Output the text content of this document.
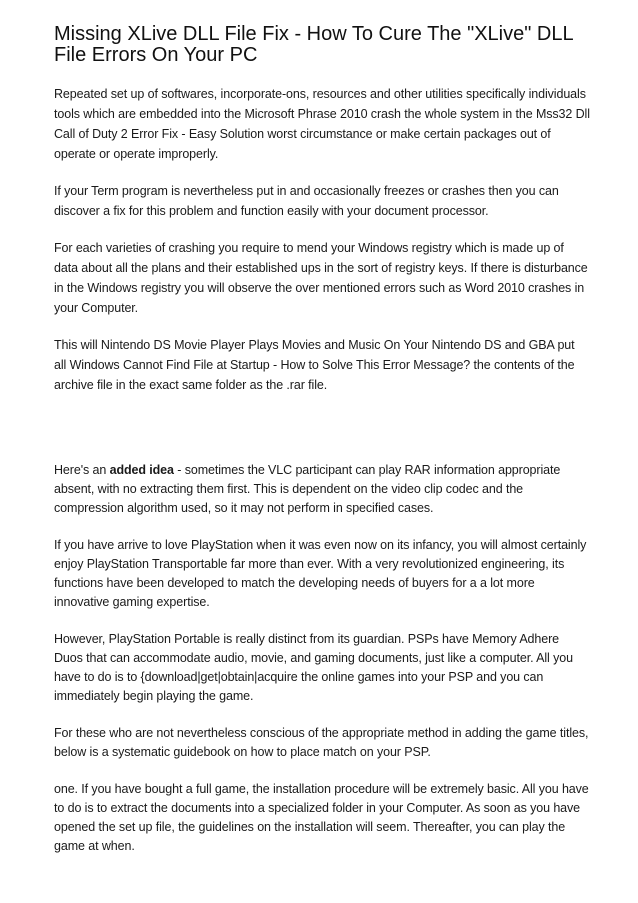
Missing XLive DLL File Fix - How To Cure The "XLive" DLL File Errors On Your PC

Repeated set up of softwares, incorporate-ons, resources and other utilities specifically individuals tools which are embedded into the Microsoft Phrase 2010 crash the whole system in the Mss32 Dll Call of Duty 2 Error Fix - Easy Solution worst circumstance or make certain packages out of operate or operate improperly.

If your Term program is nevertheless put in and occasionally freezes or crashes then you can discover a fix for this problem and function easily with your document processor.

For each varieties of crashing you require to mend your Windows registry which is made up of data about all the plans and their established ups in the sort of registry keys. If there is disturbance in the Windows registry you will observe the over mentioned errors such as Word 2010 crashes in your Computer.

This will Nintendo DS Movie Player Plays Movies and Music On Your Nintendo DS and GBA put all Windows Cannot Find File at Startup - How to Solve This Error Message? the contents of the archive file in the exact same folder as the .rar file.

Here's an added idea - sometimes the VLC participant can play RAR information appropriate absent, with no extracting them first. This is dependent on the video clip codec and the compression algorithm used, so it may not perform in specified cases.

If you have arrive to love PlayStation when it was even now on its infancy, you will almost certainly enjoy PlayStation Transportable far more than ever. With a very revolutionized engineering, its functions have been developed to match the developing needs of buyers for a a lot more innovative gaming expertise.

However, PlayStation Portable is really distinct from its guardian. PSPs have Memory Adhere Duos that can accommodate audio, movie, and gaming documents, just like a computer. All you have to do is to {download|get|obtain|acquire the online games into your PSP and you can immediately begin playing the game.

For these who are not nevertheless conscious of the appropriate method in adding the game titles, below is a systematic guidebook on how to place match on your PSP.

one. If you have bought a full game, the installation procedure will be extremely basic. All you have to do is to extract the documents into a specialized folder in your Computer. As soon as you have opened the set up file, the guidelines on the installation will seem. Thereafter, you can play the game at when.
